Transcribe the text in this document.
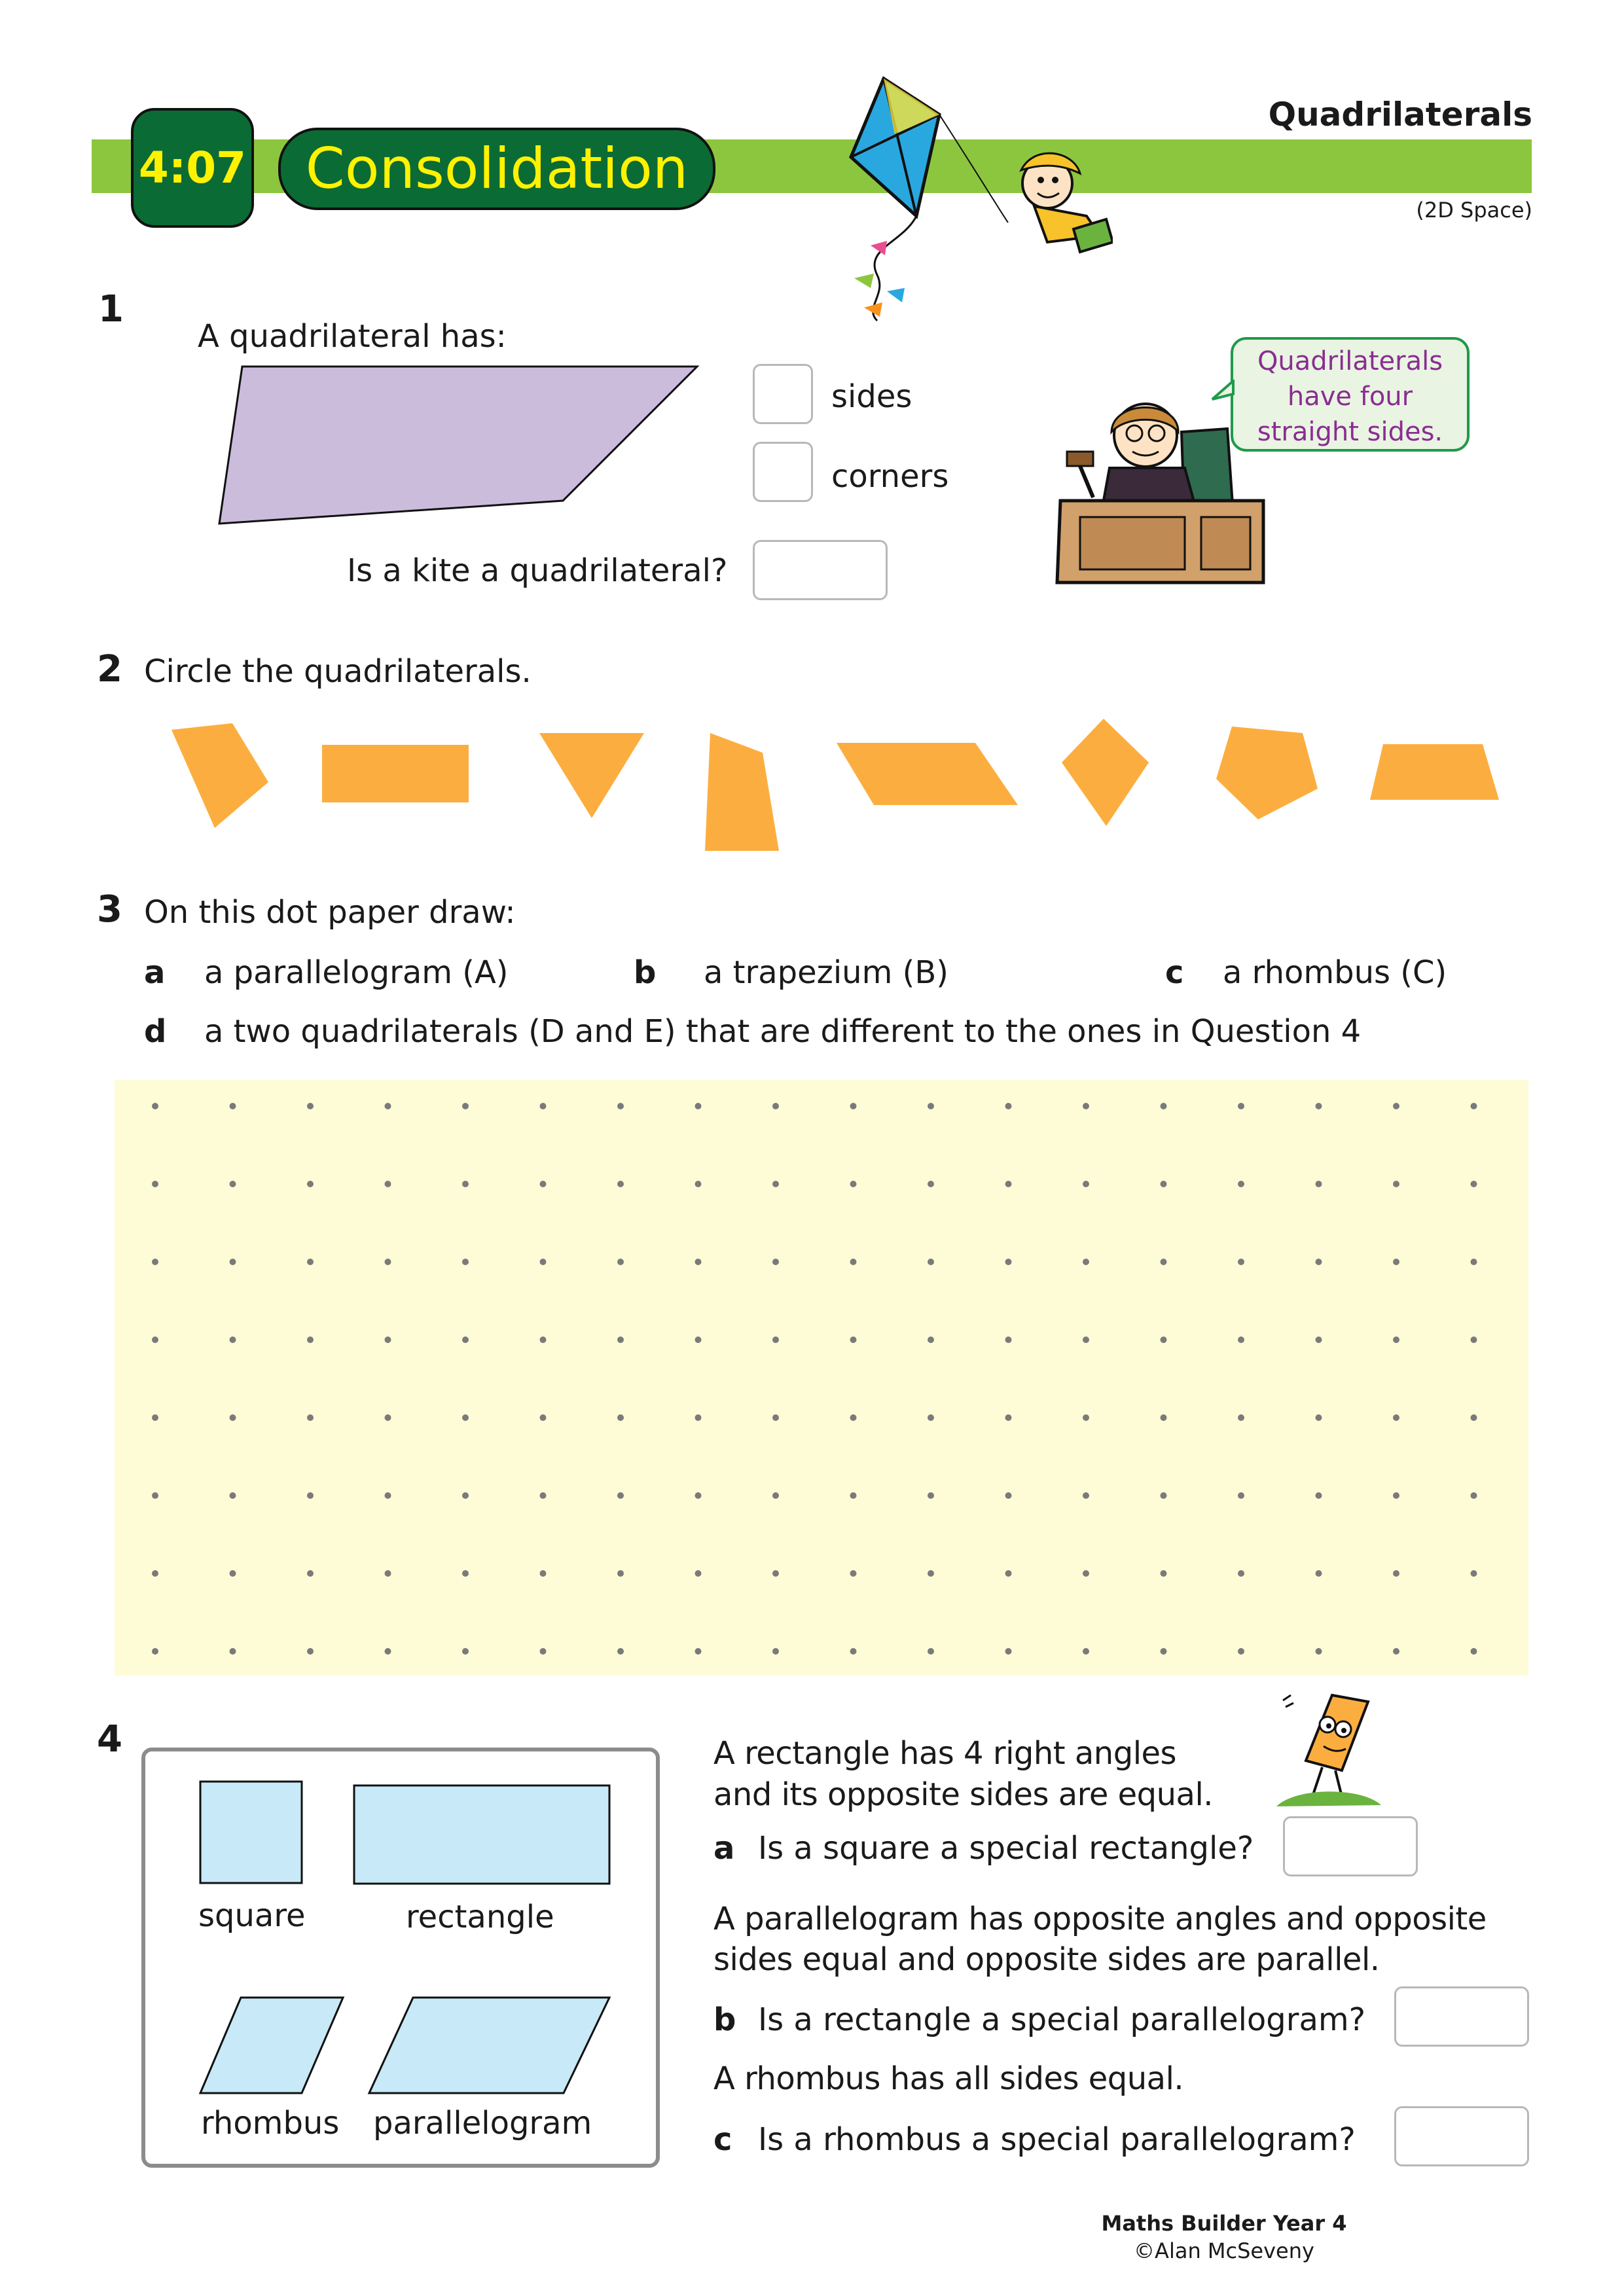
4:07	Consolidation
Quadrilaterals
(2D Space)
1
A quadrilateral has:
sides
corners
Is a kite a quadrilateral?
Quadrilaterals
have four
straight sides.
2 Circle the quadrilaterals.
3 On this dot paper draw:
a a parallelogram (A)	b a trapezium (B)	c a rhombus (C)
d a two quadrilaterals (D and E) that are different to the ones in Question 4
4
square	rectangle
rhombus parallelogram
A rectangle has 4 right angles
and its opposite sides are equal.
a Is a square a special rectangle?
A parallelogram has opposite angles and opposite
sides equal and opposite sides are parallel.
b Is a rectangle a special parallelogram?
A rhombus has all sides equal.
c Is a rhombus a special parallelogram?
Maths Builder Year 4
©Alan McSeveny
